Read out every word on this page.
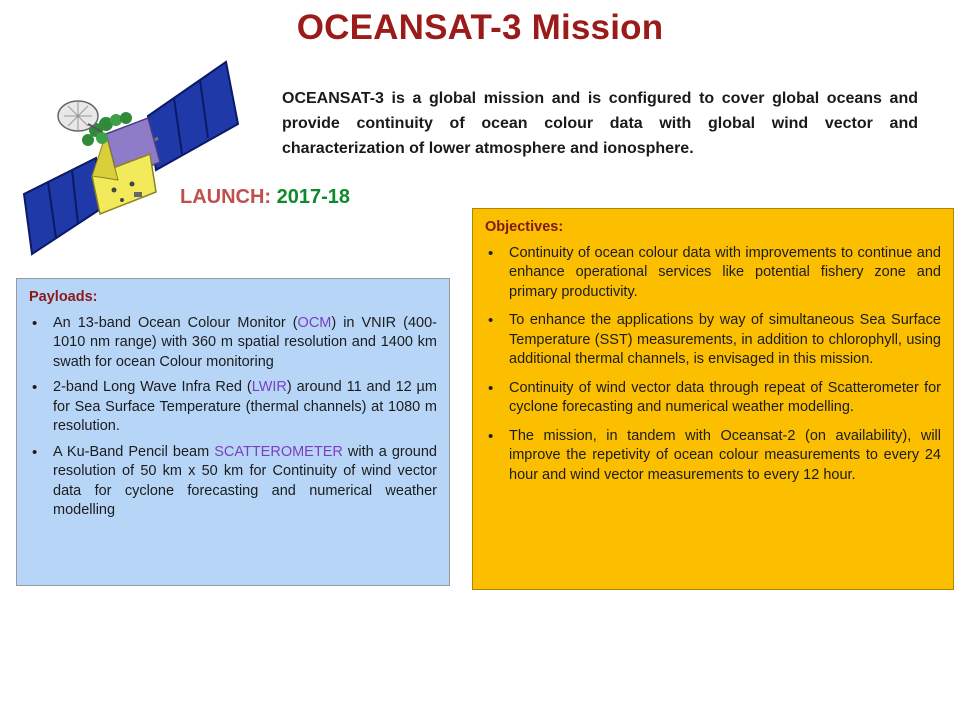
OCEANSAT-3 Mission
OCEANSAT-3 is a global mission and is configured to cover global oceans and provide continuity of ocean colour data with global wind vector and characterization of lower atmosphere and ionosphere.
LAUNCH: 2017-18
Payloads:
• An 13-band Ocean Colour Monitor (OCM) in VNIR (400-1010 nm range) with 360 m spatial resolution and 1400 km swath for ocean Colour monitoring
• 2-band Long Wave Infra Red (LWIR) around 11 and 12 µm for Sea Surface Temperature (thermal channels) at 1080 m resolution.
• A Ku-Band Pencil beam SCATTEROMETER with a ground resolution of 50 km x 50 km for Continuity of wind vector data for cyclone forecasting and numerical weather modelling
Objectives:
• Continuity of ocean colour data with improvements to continue and enhance operational services like potential fishery zone and primary productivity.
• To enhance the applications by way of simultaneous Sea Surface Temperature (SST) measurements, in addition to chlorophyll, using additional thermal channels, is envisaged in this mission.
• Continuity of wind vector data through repeat of Scatterometer for cyclone forecasting and numerical weather modelling.
• The mission, in tandem with Oceansat-2 (on availability), will improve the repetivity of ocean colour measurements to every 24 hour and wind vector measurements to every 12 hour.
